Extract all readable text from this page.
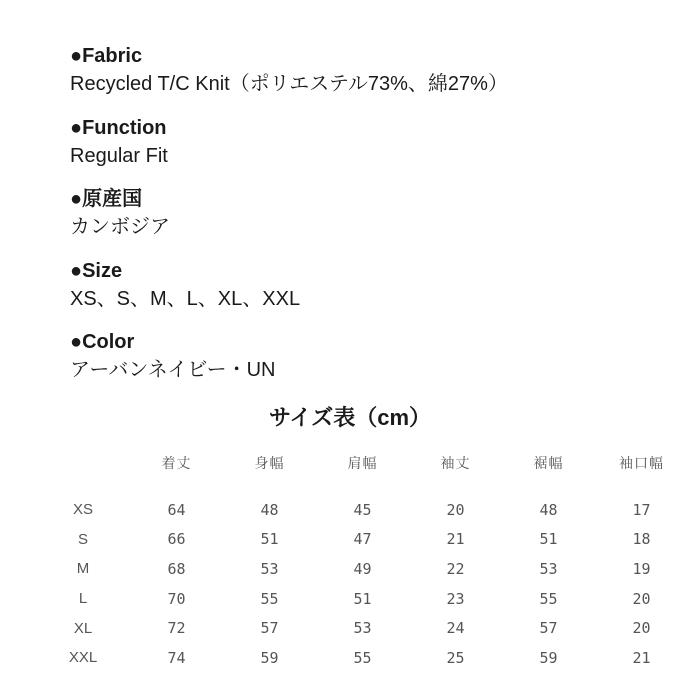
●Fabric
Recycled T/C Knit（ポリエステル73%、綿27%）
●Function
Regular Fit
●原産国
カンボジア
●Size
XS、S、M、L、XL、XXL
●Color
アーバンネイビー・UN
サイズ表（cm）
	着丈	身幅	肩幅	袖丈	裾幅	袖口幅

XS	64	48	45	20	48	17
S	66	51	47	21	51	18
M	68	53	49	22	53	19
L	70	55	51	23	55	20
XL	72	57	53	24	57	20
XXL	74	59	55	25	59	21
